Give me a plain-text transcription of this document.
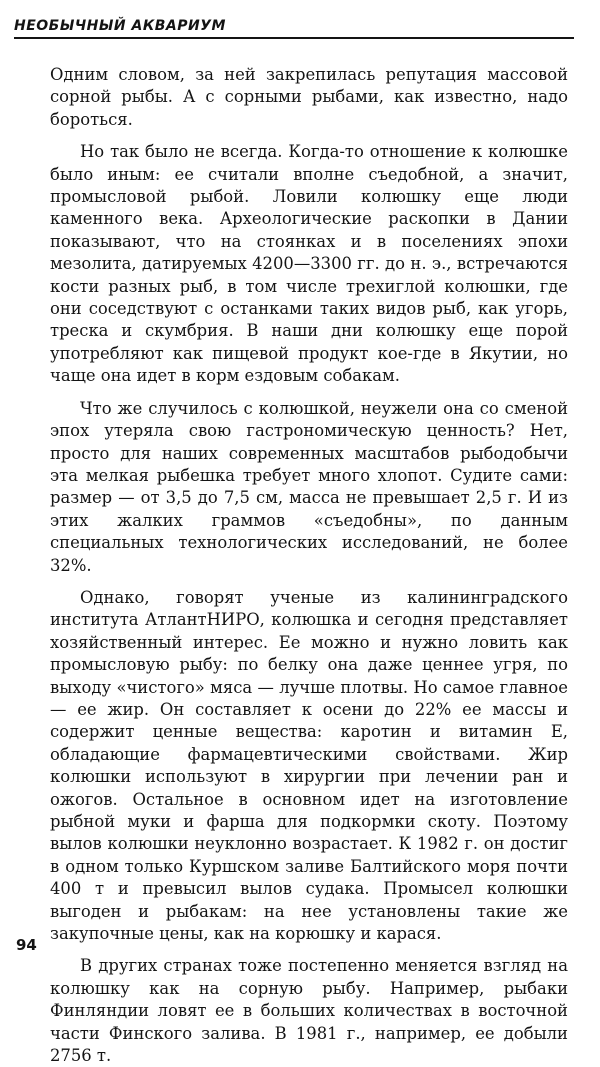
НЕОБЫЧНЫЙ АКВАРИУМ

Одним словом, за ней закрепилась репутация массовой сорной рыбы. А с сорными рыбами, как известно, надо бороться.

Но так было не всегда. Когда-то отношение к колюшке было иным: ее считали вполне съедобной, а значит, промысловой рыбой. Ловили колюшку еще люди каменного века. Археологические раскопки в Дании показывают, что на стоянках и в поселениях эпохи мезолита, датируемых 4200—3300 гг. до н. э., встречаются кости разных рыб, в том числе трехиглой колюшки, где они соседствуют с останками таких видов рыб, как угорь, треска и скумбрия. В наши дни колюшку еще порой употребляют как пищевой продукт кое-где в Якутии, но чаще она идет в корм ездовым собакам.

Что же случилось с колюшкой, неужели она со сменой эпох утеряла свою гастрономическую ценность? Нет, просто для наших современных масштабов рыбодобычи эта мелкая рыбешка требует много хлопот. Судите сами: размер — от 3,5 до 7,5 см, масса не превышает 2,5 г. И из этих жалких граммов «съедобны», по данным специальных технологических исследований, не более 32%.

Однако, говорят ученые из калининградского института АтлантНИРО, колюшка и сегодня представляет хозяйственный интерес. Ее можно и нужно ловить как промысловую рыбу: по белку она даже ценнее угря, по выходу «чистого» мяса — лучше плотвы. Но самое главное — ее жир. Он составляет к осени до 22% ее массы и содержит ценные вещества: каротин и витамин Е, обладающие фармацевтическими свойствами. Жир колюшки используют в хирургии при лечении ран и ожогов. Остальное в основном идет на изготовление рыбной муки и фарша для подкормки скоту. Поэтому вылов колюшки неуклонно возрастает. К 1982 г. он достиг в одном только Куршском заливе Балтийского моря почти 400 т и превысил вылов судака. Промысел колюшки выгоден и рыбакам: на нее установлены такие же закупочные цены, как на корюшку и карася.

В других странах тоже постепенно меняется взгляд на колюшку как на сорную рыбу. Например, рыбаки Финляндии ловят ее в больших количествах в восточной части Финского залива. В 1981 г., например, ее добыли 2756 т.

94
